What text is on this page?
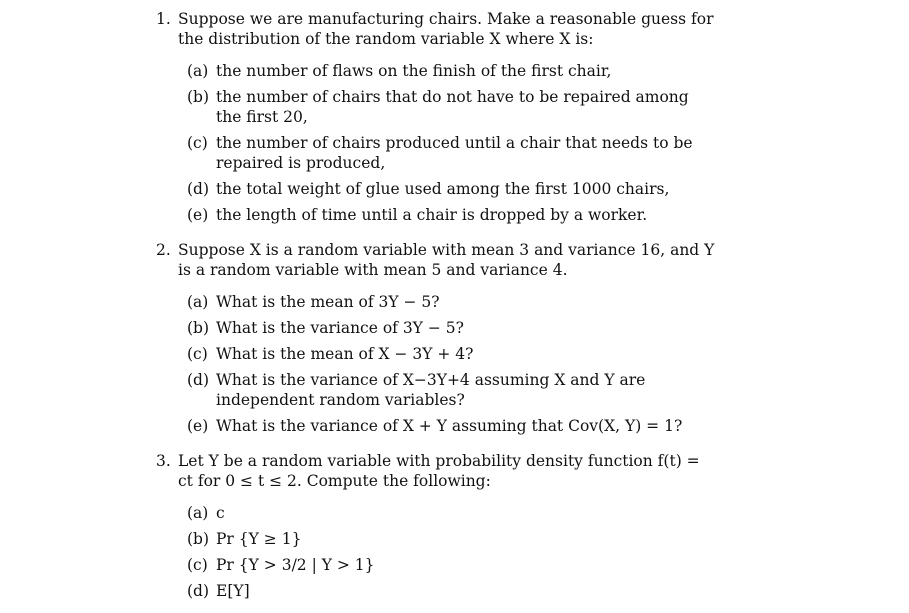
1. Suppose we are manufacturing chairs. Make a reasonable guess for the distribution of the random variable X where X is:
(a) the number of flaws on the finish of the first chair,
(b) the number of chairs that do not have to be repaired among the first 20,
(c) the number of chairs produced until a chair that needs to be repaired is produced,
(d) the total weight of glue used among the first 1000 chairs,
(e) the length of time until a chair is dropped by a worker.
2. Suppose X is a random variable with mean 3 and variance 16, and Y is a random variable with mean 5 and variance 4.
(a) What is the mean of 3Y − 5?
(b) What is the variance of 3Y − 5?
(c) What is the mean of X − 3Y + 4?
(d) What is the variance of X−3Y+4 assuming X and Y are independent random variables?
(e) What is the variance of X + Y assuming that Cov(X, Y) = 1?
3. Let Y be a random variable with probability density function f(t) = ct for 0 ≤ t ≤ 2. Compute the following:
(a) c
(b) Pr {Y ≥ 1}
(c) Pr {Y > 3/2 | Y > 1}
(d) E[Y]
